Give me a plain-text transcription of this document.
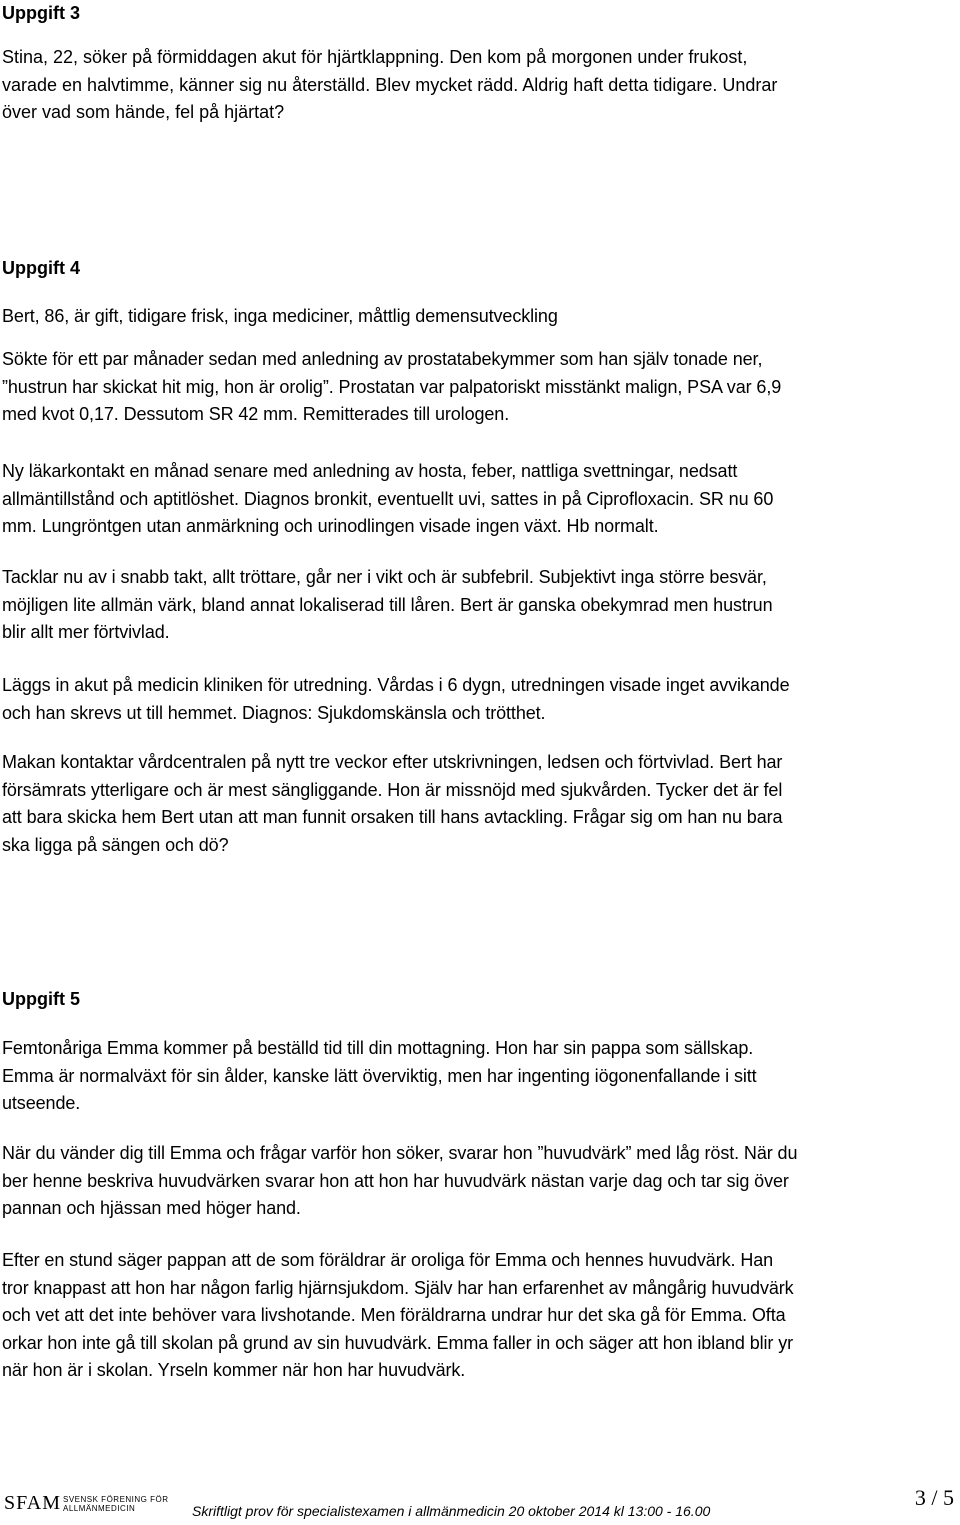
Uppgift 3
Stina, 22, söker på förmiddagen akut för hjärtklappning. Den kom på morgonen under frukost,
varade en halvtimme, känner sig nu återställd. Blev mycket rädd. Aldrig haft detta tidigare. Undrar
över vad som hände, fel på hjärtat?
Uppgift 4
Bert, 86, är gift, tidigare frisk, inga mediciner, måttlig demensutveckling
Sökte för ett par månader sedan med anledning av prostatabekymmer som han själv tonade ner,
”hustrun har skickat hit mig, hon är orolig”. Prostatan var palpatoriskt misstänkt malign, PSA var 6,9
med kvot 0,17. Dessutom SR 42 mm. Remitterades till urologen.
Ny läkarkontakt en månad senare med anledning av hosta, feber, nattliga svettningar, nedsatt
allmäntillstånd och aptitlöshet. Diagnos bronkit, eventuellt uvi, sattes in på Ciprofloxacin. SR nu 60
mm. Lungröntgen utan anmärkning och urinodlingen visade ingen växt. Hb normalt.
Tacklar nu av i snabb takt, allt tröttare, går ner i vikt och är subfebril. Subjektivt inga större besvär,
möjligen lite allmän värk, bland annat lokaliserad till låren. Bert är ganska obekymrad men hustrun
blir allt mer förtvivlad.
Läggs in akut på medicin kliniken för utredning. Vårdas i 6 dygn, utredningen visade inget avvikande
och han skrevs ut till hemmet. Diagnos: Sjukdomskänsla och trötthet.
Makan kontaktar vårdcentralen på nytt tre veckor efter utskrivningen, ledsen och förtvivlad. Bert har
försämrats ytterligare och är mest sängliggande. Hon är missnöjd med sjukvården. Tycker det är fel
att bara skicka hem Bert utan att man funnit orsaken till hans avtackling. Frågar sig om han nu bara
ska ligga på sängen och dö?
Uppgift 5
Femtonåriga Emma kommer på beställd tid till din mottagning. Hon har sin pappa som sällskap.
Emma är normalväxt för sin ålder, kanske lätt överviktig, men har ingenting iögonenfallande i sitt
utseende.
När du vänder dig till Emma och frågar varför hon söker, svarar hon ”huvudvärk” med låg röst. När du
ber henne beskriva huvudvärken svarar hon att hon har huvudvärk nästan varje dag och tar sig över
pannan och hjässan med höger hand.
Efter en stund säger pappan att de som föräldrar är oroliga för Emma och hennes huvudvärk. Han
tror knappast att hon har någon farlig hjärnsjukdom. Själv har han erfarenhet av mångårig huvudvärk
och vet att det inte behöver vara livshotande. Men föräldrarna undrar hur det ska gå för Emma. Ofta
orkar hon inte gå till skolan på grund av sin huvudvärk. Emma faller in och säger att hon ibland blir yr
när hon är i skolan. Yrseln kommer när hon har huvudvärk.
SFAM SVENSK FÖRENING FÖR
ALLMÄNMEDICIN	Skriftligt prov för specialistexamen i allmänmedicin 20 oktober 2014 kl 13:00 - 16.00
3 / 5
